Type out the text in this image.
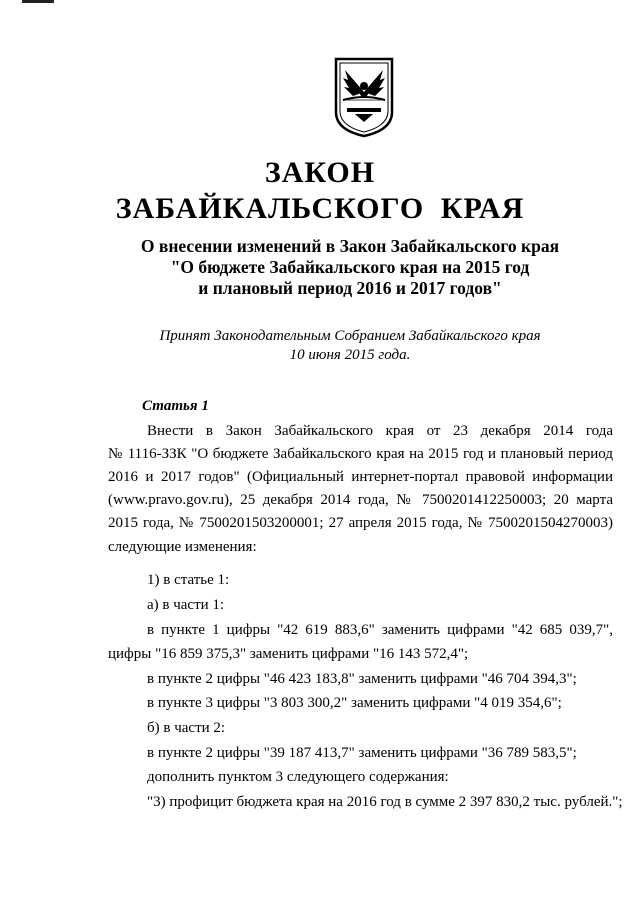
ЗАКОН
ЗАБАЙКАЛЬСКОГО КРАЯ
О внесении изменений в Закон Забайкальского края
"О бюджете Забайкальского края на 2015 год
и плановый период 2016 и 2017 годов"
Принят Законодательным Собранием Забайкальского края
10 июня 2015 года.
Статья 1
Внести в Закон Забайкальского края от 23 декабря 2014 года
№ 1116-ЗЗК "О бюджете Забайкальского края на 2015 год и плановый период
2016 и 2017 годов" (Официальный интернет-портал правовой информации
(www.pravo.gov.ru), 25 декабря 2014 года, № 7500201412250003; 20 марта
2015 года, № 7500201503200001; 27 апреля 2015 года, № 7500201504270003)
следующие изменения:
1) в статье 1:
а) в части 1:
в пункте 1 цифры "42 619 883,6" заменить цифрами "42 685 039,7",
цифры "16 859 375,3" заменить цифрами "16 143 572,4";
в пункте 2 цифры "46 423 183,8" заменить цифрами "46 704 394,3";
в пункте 3 цифры "3 803 300,2" заменить цифрами "4 019 354,6";
б) в части 2:
в пункте 2 цифры "39 187 413,7" заменить цифрами "36 789 583,5";
дополнить пунктом 3 следующего содержания:
"3) профицит бюджета края на 2016 год в сумме 2 397 830,2 тыс. рублей.";
